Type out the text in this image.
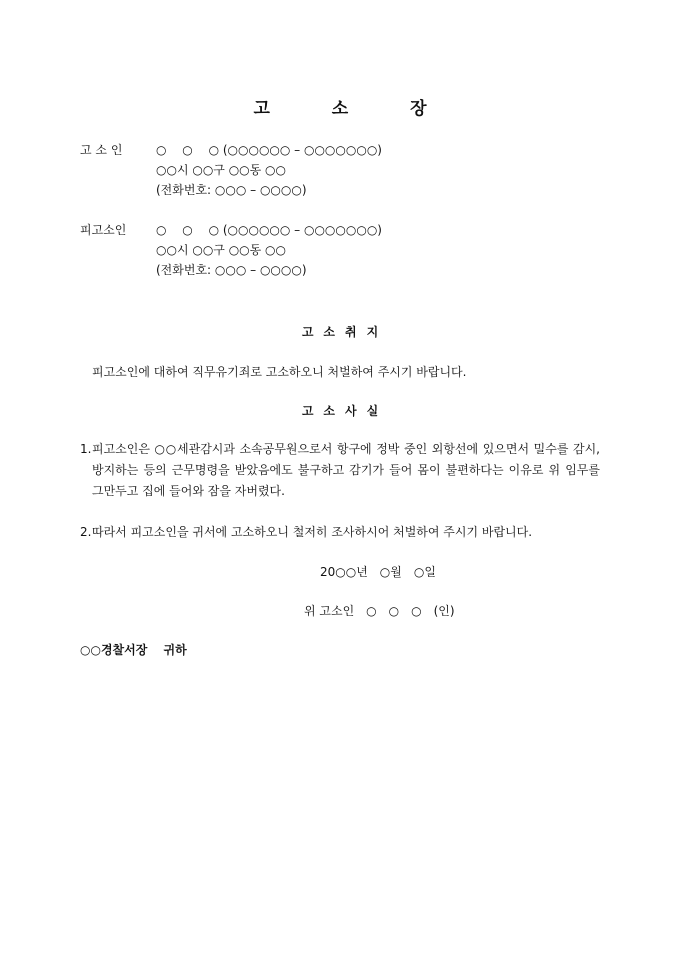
고 소 장
고 소 인	○　 ○　 ○ (○○○○○○ – ○○○○○○○)
○○시 ○○구 ○○동 ○○
(전화번호: ○○○ – ○○○○)
피고소인 ○　 ○　 ○ (○○○○○○ – ○○○○○○○)
○○시 ○○구 ○○동 ○○
(전화번호: ○○○ – ○○○○)
고소취지
피고소인에 대하여 직무유기죄로 고소하오니 처벌하여 주시기 바랍니다.
고소사실
1. 피고소인은 ○○세관감시과 소속공무원으로서 항구에 정박 중인 외항선에 있으면서 밀수를 감시, 방지하는 등의 근무명령을 받았음에도 불구하고 감기가 들어 몸이 불편하다는 이유로 위 임무를 그만두고 집에 들어와 잠을 자버렸다.
2. 따라서 피고소인을 귀서에 고소하오니 철저히 조사하시어 처벌하여 주시기 바랍니다.
20○○년　○월　○일
위 고소인　○　○　○　(인)
○○경찰서장　 귀하
